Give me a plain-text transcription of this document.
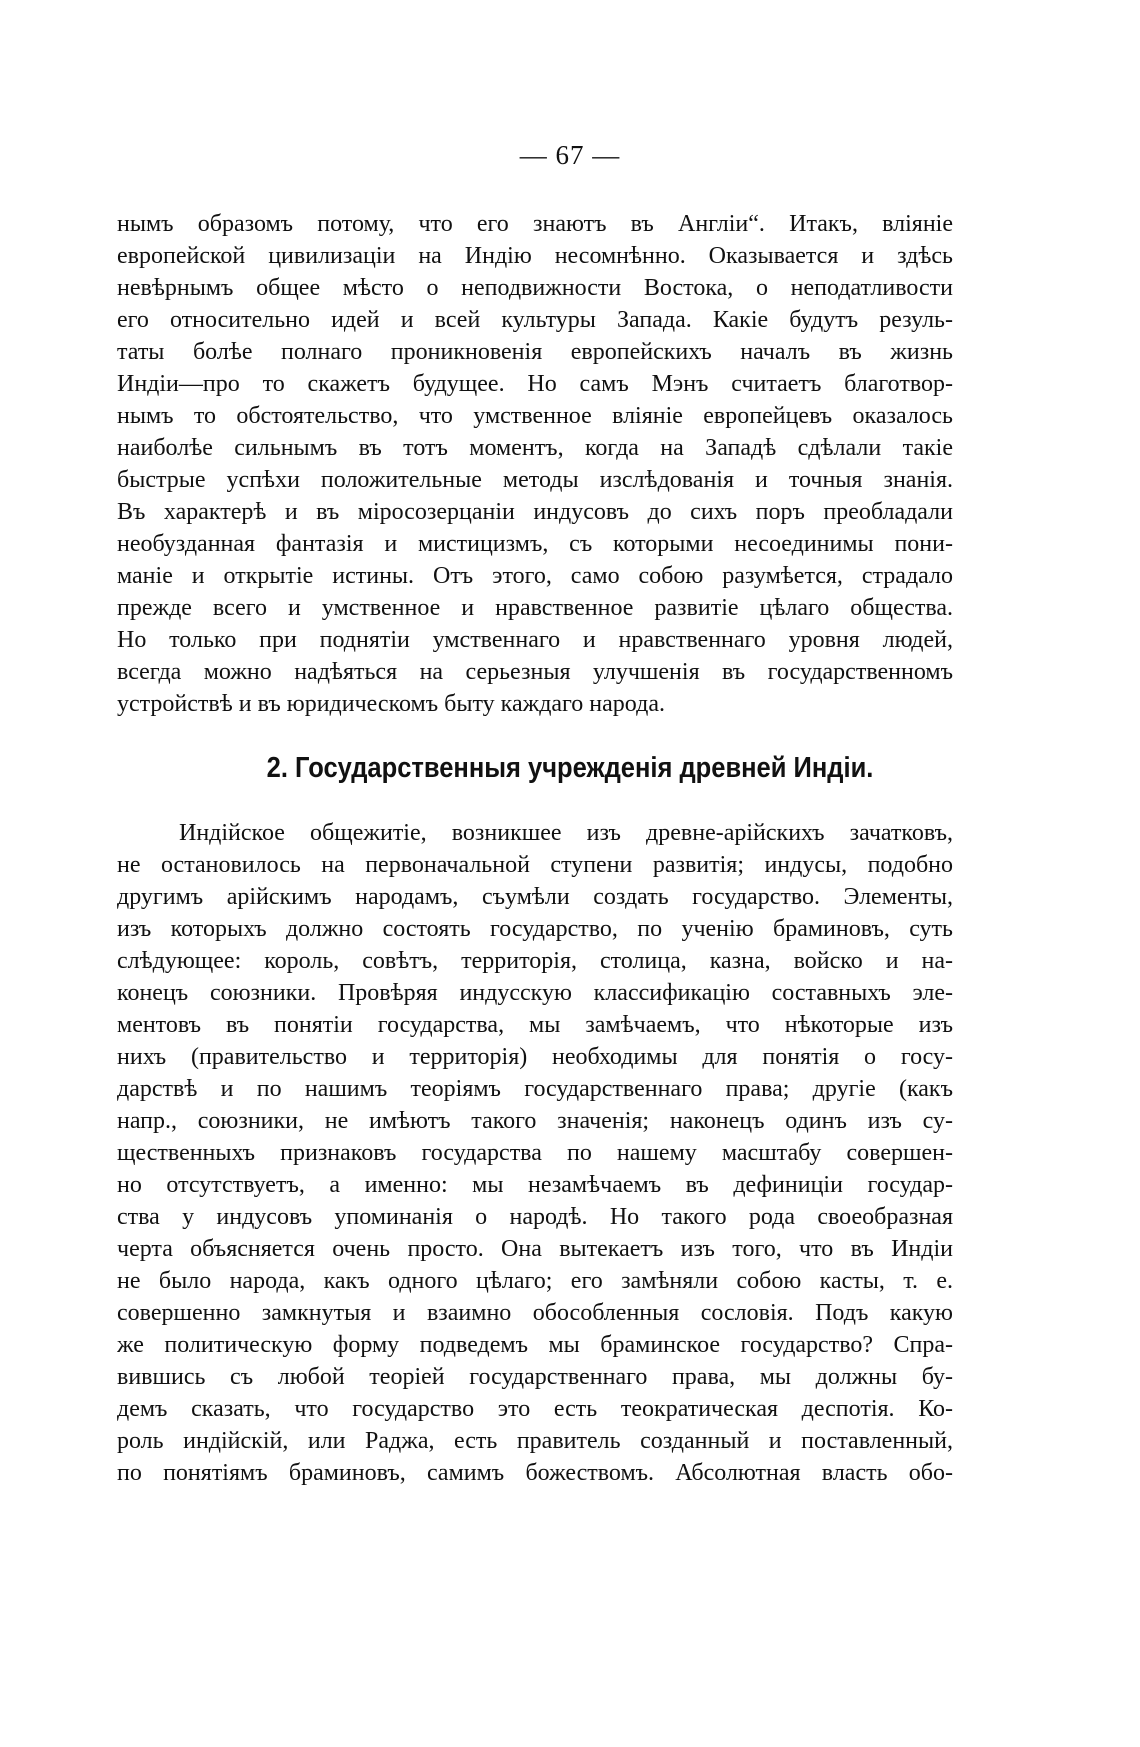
— 67 —
нымъ образомъ потому, что его знаютъ въ Англіи“. Итакъ, вліяніе
европейской цивилизаціи на Индію несомнѣнно. Оказывается и здѣсь
невѣрнымъ общее мѣсто о неподвижности Востока, о неподатливости
его относительно идей и всей культуры Запада. Какіе будутъ резуль-
таты болѣе полнаго проникновенія европейскихъ началъ въ жизнь
Индіи—про то скажетъ будущее. Но самъ Мэнъ считаетъ благотвор-
нымъ то обстоятельство, что умственное вліяніе европейцевъ оказалось
наиболѣе сильнымъ въ тотъ моментъ, когда на Западѣ сдѣлали такіе
быстрые успѣхи положительные методы изслѣдованія и точныя знанія.
Въ характерѣ и въ міросозерцаніи индусовъ до сихъ поръ преобладали
необузданная фантазія и мистицизмъ, съ которыми несоединимы пони-
маніе и открытіе истины. Отъ этого, само собою разумѣется, страдало
прежде всего и умственное и нравственное развитіе цѣлаго общества.
Но только при поднятіи умственнаго и нравственнаго уровня людей,
всегда можно надѣяться на серьезныя улучшенія въ государственномъ
устройствѣ и въ юридическомъ быту каждаго народа.
2. Государственныя учрежденія древней Индіи.
Индійское общежитіе, возникшее изъ древне-арійскихъ зачатковъ,
не остановилось на первоначальной ступени развитія; индусы, подобно
другимъ арійскимъ народамъ, съумѣли создать государство. Элементы,
изъ которыхъ должно состоять государство, по ученію браминовъ, суть
слѣдующее: король, совѣтъ, территорія, столица, казна, войско и на-
конецъ союзники. Провѣряя индусскую классификацію составныхъ эле-
ментовъ въ понятіи государства, мы замѣчаемъ, что нѣкоторые изъ
нихъ (правительство и территорія) необходимы для понятія о госу-
дарствѣ и по нашимъ теоріямъ государственнаго права; другіе (какъ
напр., союзники, не имѣютъ такого значенія; наконецъ одинъ изъ су-
щественныхъ признаковъ государства по нашему масштабу совершен-
но отсутствуетъ, а именно: мы незамѣчаемъ въ дефиниціи государ-
ства у индусовъ упоминанія о народѣ. Но такого рода своеобразная
черта объясняется очень просто. Она вытекаетъ изъ того, что въ Индіи
не было народа, какъ одного цѣлаго; его замѣняли собою касты, т. е.
совершенно замкнутыя и взаимно обособленныя сословія. Подъ какую
же политическую форму подведемъ мы браминское государство? Спра-
вившись съ любой теоріей государственнаго права, мы должны бу-
демъ сказать, что государство это есть теократическая деспотія. Ко-
роль индійскій, или Раджа, есть правитель созданный и поставленный,
по понятіямъ браминовъ, самимъ божествомъ. Абсолютная власть обо-
